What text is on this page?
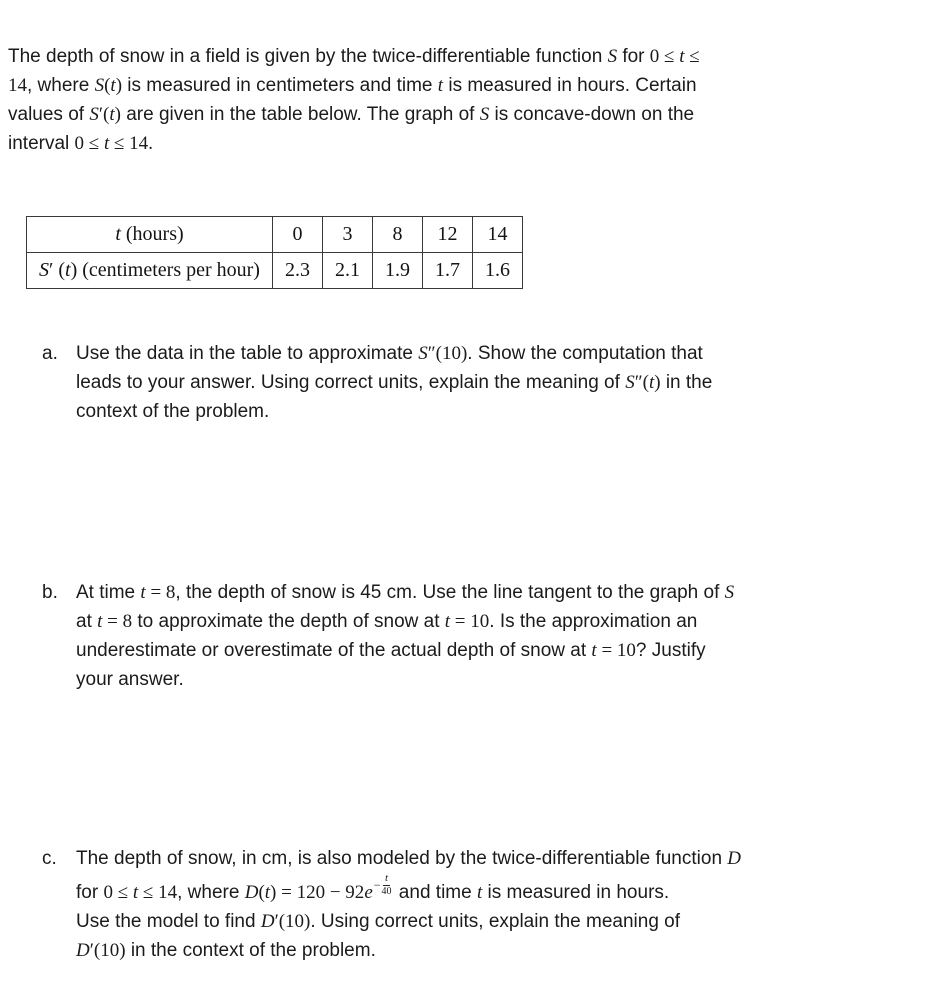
The depth of snow in a field is given by the twice-differentiable function S for 0 ≤ t ≤
14, where S(t) is measured in centimeters and time t is measured in hours. Certain
values of S′(t) are given in the table below. The graph of S is concave-down on the
interval 0 ≤ t ≤ 14.

t (hours)	0	3	8	12	14
S′ (t) (centimeters per hour)	2.3	2.1	1.9	1.7	1.6
a. Use the data in the table to approximate S″(10). Show the computation that
leads to your answer. Using correct units, explain the meaning of S″(t) in the
context of the problem.

b. At time t = 8, the depth of snow is 45 cm. Use the line tangent to the graph of S
at t = 8 to approximate the depth of snow at t = 10. Is the approximation an
underestimate or overestimate of the actual depth of snow at t = 10? Justify
your answer.

c.	The depth of snow, in cm, is also modeled by the twice-differentiable function D
for 0 ≤ t ≤ 14, where D(t) = 120 − 92e $^{- \frac{t}{40}}$ and time t is measured in hours.
Use the model to find D′(10). Using correct units, explain the meaning of
D′(10) in the context of the problem.
